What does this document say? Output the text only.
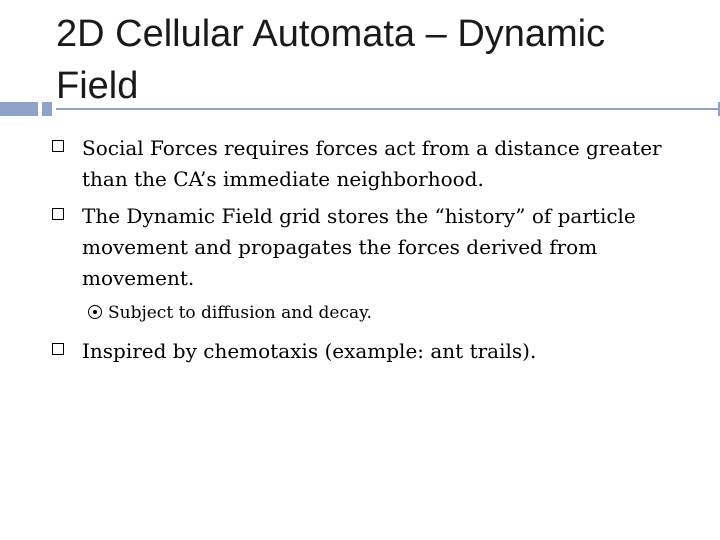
2D Cellular Automata – Dynamic Field
Social Forces requires forces act from a distance greater than the CA’s immediate neighborhood.
The Dynamic Field grid stores the “history” of particle movement and propagates the forces derived from movement.
Subject to diffusion and decay.
Inspired by chemotaxis (example: ant trails).
